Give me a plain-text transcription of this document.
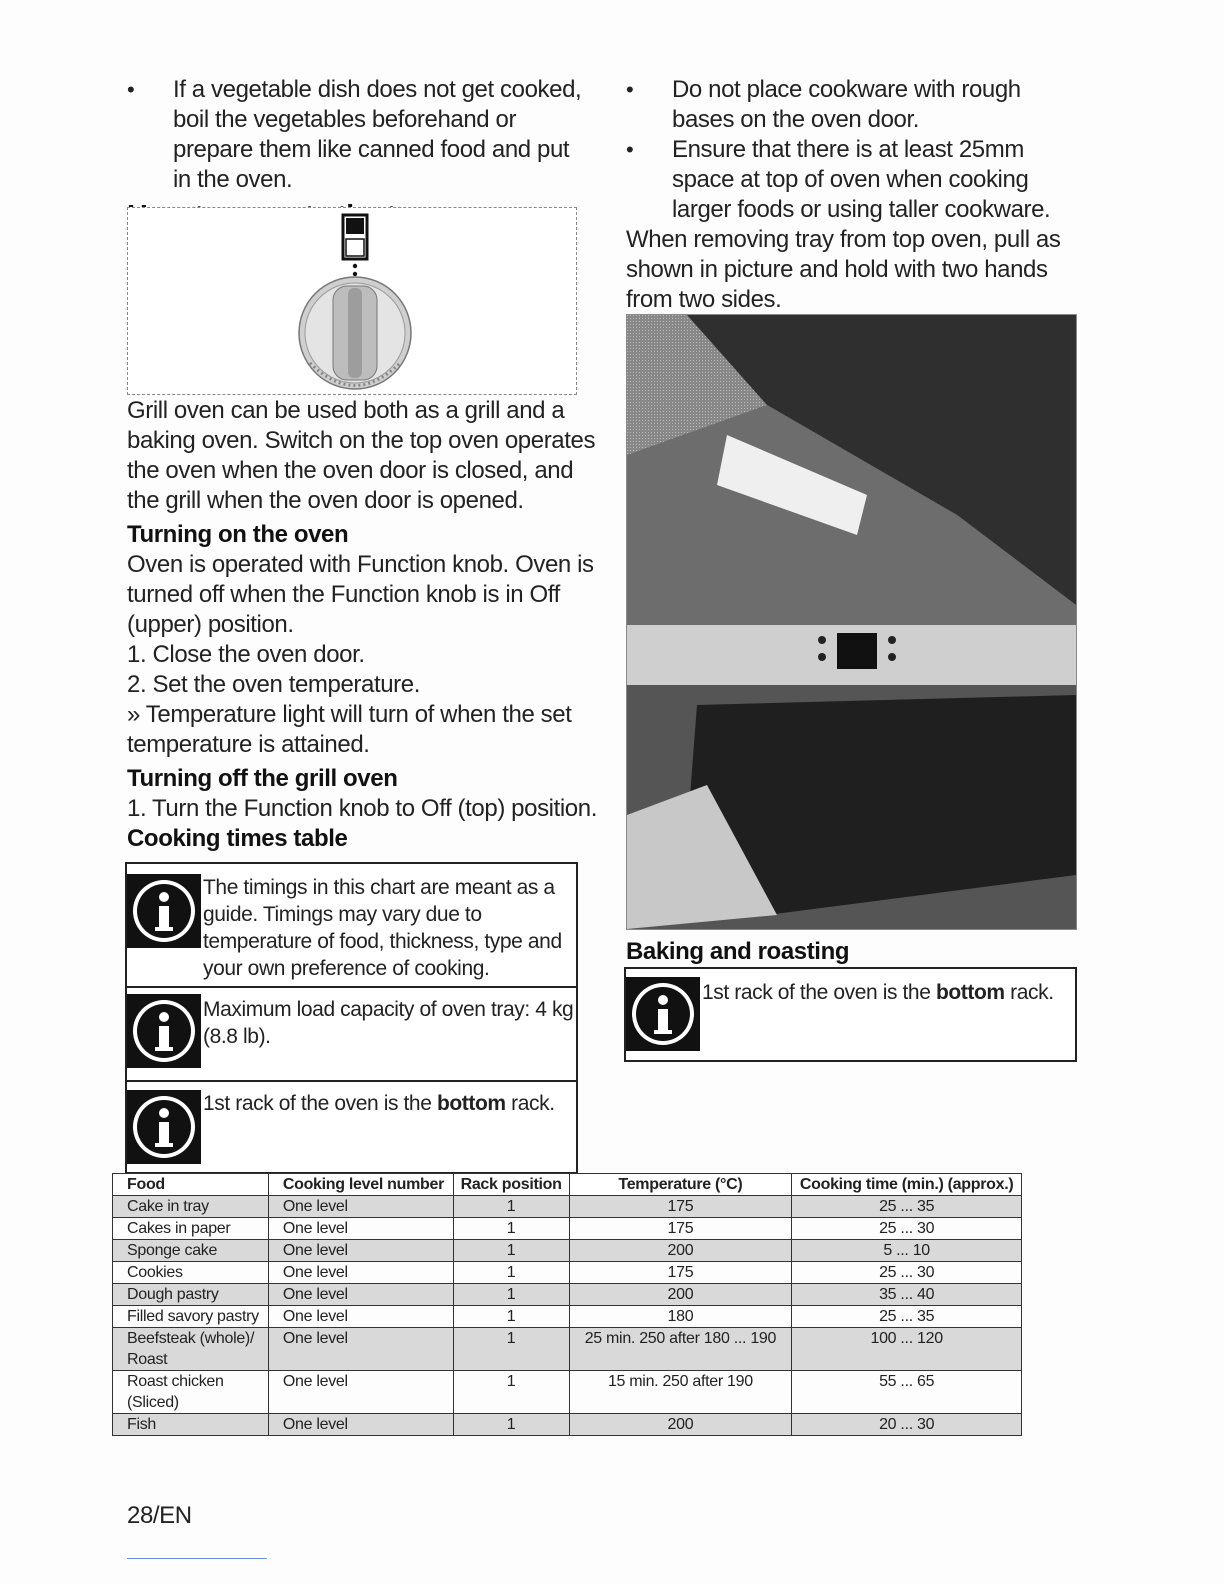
• If a vegetable dish does not get cooked, boil the vegetables beforehand or prepare them like canned food and put in the oven.

Grill oven can be used both as a grill and a baking oven. Switch on the top oven operates the oven when the oven door is closed, and the grill when the oven door is opened.

Turning on the oven

Oven is operated with Function knob. Oven is turned off when the Function knob is in Off (upper) position.

1. Close the oven door.
2. Set the oven temperature.

» Temperature light will turn of when the set temperature is attained.

Turning off the grill oven
1. Turn the Function knob to Off (top) position.
Cooking times table
The timings in this chart are meant as a guide. Timings may vary due to temperature of food, thickness, type and your own preference of cooking.
Maximum load capacity of oven tray: 4 kg (8.8 lb).
1st rack of the oven is the bottom rack.
• Do not place cookware with rough bases on the oven door.
• Ensure that there is at least 25mm space at top of oven when cooking larger foods or using taller cookware.

When removing tray from top oven, pull as shown in picture and hold with two hands from two sides.

Baking and roasting
1st rack of the oven is the bottom rack.
Food	Cooking level number	Rack position	Temperature (°C)	Cooking time (min.) (approx.)
Cake in tray	One level	1	175	25 ... 35
Cakes in paper	One level	1	175	25 ... 30
Sponge cake	One level	1	200	5 ... 10
Cookies	One level	1	175	25 ... 30
Dough pastry	One level	1	200	35 ... 40
Filled savory pastry	One level	1	180	25 ... 35
Beefsteak (whole)/ Roast	One level	1	25 min. 250 after 180 ... 190	100 ... 120
Roast chicken (Sliced)	One level	1	15 min. 250 after 190	55 ... 65
Fish	One level	1	200	20 ... 30
28/EN
